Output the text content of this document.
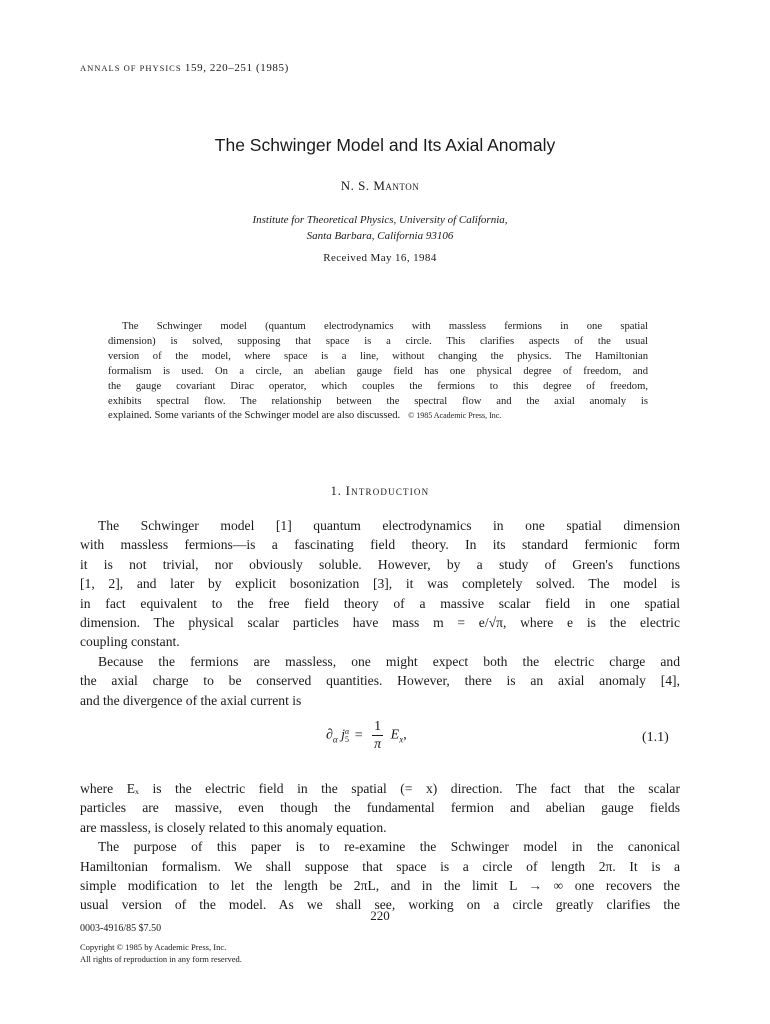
ANNALS OF PHYSICS 159, 220–251 (1985)
The Schwinger Model and Its Axial Anomaly
N. S. Manton
Institute for Theoretical Physics, University of California,
Santa Barbara, California 93106
Received May 16, 1984
The Schwinger model (quantum electrodynamics with massless fermions in one spatial
dimension) is solved, supposing that space is a circle. This clarifies aspects of the usual
version of the model, where space is a line, without changing the physics. The Hamiltonian
formalism is used. On a circle, an abelian gauge field has one physical degree of freedom, and
the gauge covariant Dirac operator, which couples the fermions to this degree of freedom,
exhibits spectral flow. The relationship between the spectral flow and the axial anomaly is
explained. Some variants of the Schwinger model are also discussed. © 1985 Academic Press, Inc.
1. Introduction
The Schwinger model [1] quantum electrodynamics in one spatial dimension
with massless fermions—is a fascinating field theory. In its standard fermionic form
it is not trivial, nor obviously soluble. However, by a study of Green's functions
[1, 2], and later by explicit bosonization [3], it was completely solved. The model is
in fact equivalent to the free field theory of a massive scalar field in one spatial
dimension. The physical scalar particles have mass m = e/√π, where e is the electric
coupling constant.
Because the fermions are massless, one might expect both the electric charge and
the axial charge to be conserved quantities. However, there is an axial anomaly [4],
and the divergence of the axial current is
$\partial_\alpha$ j α
$5 = \frac{1}{\pi} E_x$,	(1.1)
where Eₓ is the electric field in the spatial (= x) direction. The fact that the scalar
particles are massive, even though the fundamental fermion and abelian gauge fields
are massless, is closely related to this anomaly equation.
The purpose of this paper is to re-examine the Schwinger model in the canonical
Hamiltonian formalism. We shall suppose that space is a circle of length 2π. It is a
simple modification to let the length be 2πL, and in the limit L → ∞ one recovers the
usual version of the model. As we shall see, working on a circle greatly clarifies the
220
0003-4916/85 $7.50
Copyright © 1985 by Academic Press, Inc.
All rights of reproduction in any form reserved.
